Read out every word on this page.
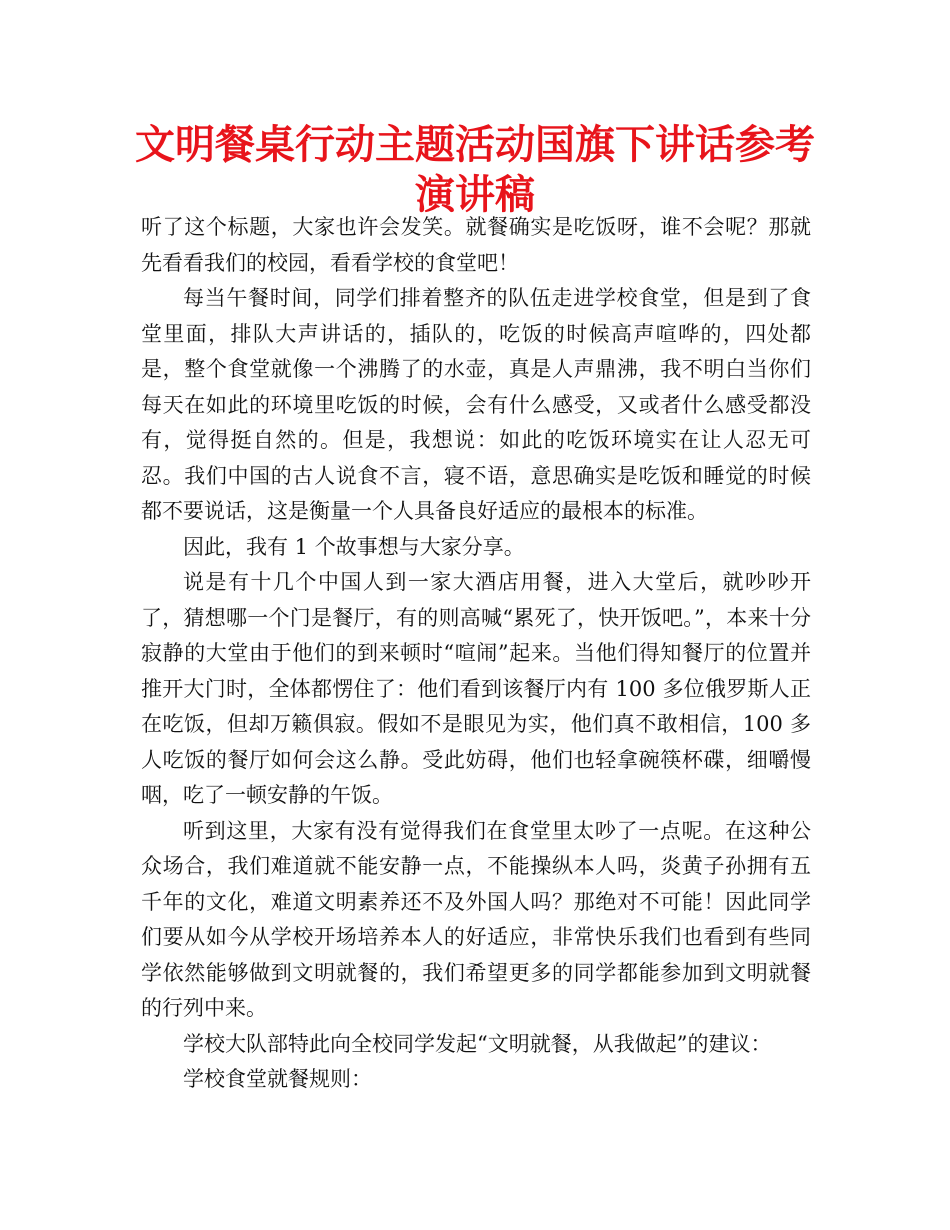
文明餐桌行动主题活动国旗下讲话参考演讲稿

听了这个标题，大家也许会发笑。就餐确实是吃饭呀，谁不会呢？那就先看看我们的校园，看看学校的食堂吧！

每当午餐时间，同学们排着整齐的队伍走进学校食堂，但是到了食堂里面，排队大声讲话的，插队的，吃饭的时候高声喧哗的，四处都是，整个食堂就像一个沸腾了的水壶，真是人声鼎沸，我不明白当你们每天在如此的环境里吃饭的时候，会有什么感受，又或者什么感受都没有，觉得挺自然的。但是，我想说：如此的吃饭环境实在让人忍无可忍。我们中国的古人说食不言，寝不语，意思确实是吃饭和睡觉的时候都不要说话，这是衡量一个人具备良好适应的最根本的标准。

因此，我有 1 个故事想与大家分享。

说是有十几个中国人到一家大酒店用餐，进入大堂后，就吵吵开了，猜想哪一个门是餐厅，有的则高喊“累死了，快开饭吧。”，本来十分寂静的大堂由于他们的到来顿时“喧闹”起来。当他们得知餐厅的位置并推开大门时，全体都愣住了：他们看到该餐厅内有 100 多位俄罗斯人正在吃饭，但却万籁俱寂。假如不是眼见为实，他们真不敢相信，100 多人吃饭的餐厅如何会这么静。受此妨碍，他们也轻拿碗筷杯碟，细嚼慢咽，吃了一顿安静的午饭。

听到这里，大家有没有觉得我们在食堂里太吵了一点呢。在这种公众场合，我们难道就不能安静一点，不能操纵本人吗，炎黄子孙拥有五千年的文化，难道文明素养还不及外国人吗？那绝对不可能！因此同学们要从如今从学校开场培养本人的好适应，非常快乐我们也看到有些同学依然能够做到文明就餐的，我们希望更多的同学都能参加到文明就餐的行列中来。

学校大队部特此向全校同学发起“文明就餐，从我做起”的建议：

学校食堂就餐规则：
